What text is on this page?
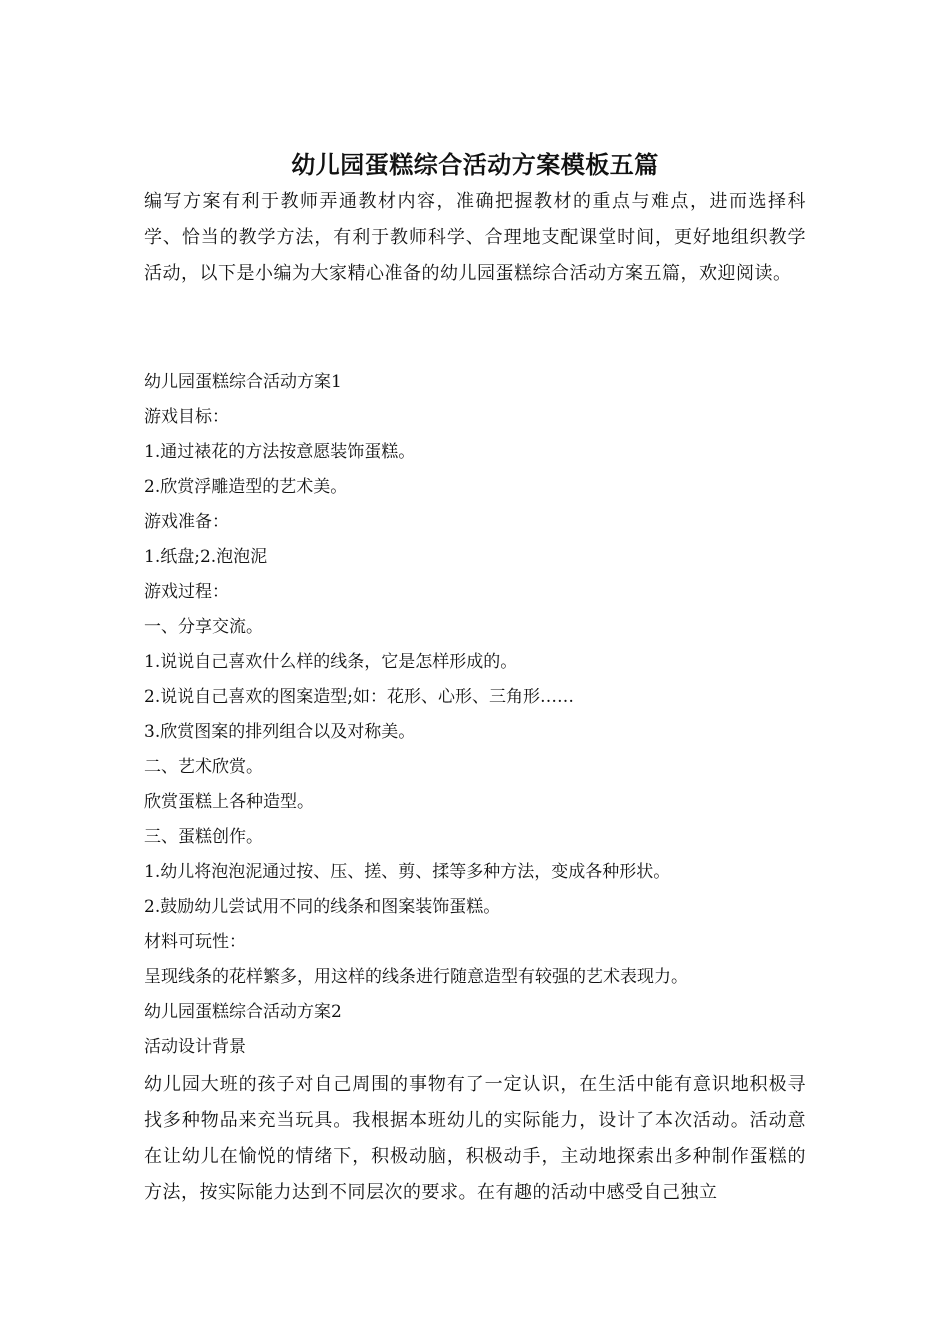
幼儿园蛋糕综合活动方案模板五篇

编写方案有利于教师弄通教材内容，准确把握教材的重点与难点，进而选择科学、恰当的教学方法，有利于教师科学、合理地支配课堂时间，更好地组织教学活动，以下是小编为大家精心准备的幼儿园蛋糕综合活动方案五篇，欢迎阅读。

幼儿园蛋糕综合活动方案1
游戏目标：
1.通过裱花的方法按意愿装饰蛋糕。
2.欣赏浮雕造型的艺术美。
游戏准备：
1.纸盘;2.泡泡泥
游戏过程：
一、分享交流。
1.说说自己喜欢什么样的线条，它是怎样形成的。
2.说说自己喜欢的图案造型;如：花形、心形、三角形……
3.欣赏图案的排列组合以及对称美。
二、艺术欣赏。
欣赏蛋糕上各种造型。
三、蛋糕创作。
1.幼儿将泡泡泥通过按、压、搓、剪、揉等多种方法，变成各种形状。
2.鼓励幼儿尝试用不同的线条和图案装饰蛋糕。
材料可玩性：
呈现线条的花样繁多，用这样的线条进行随意造型有较强的艺术表现力。
幼儿园蛋糕综合活动方案2
活动设计背景

幼儿园大班的孩子对自己周围的事物有了一定认识，在生活中能有意识地积极寻找多种物品来充当玩具。我根据本班幼儿的实际能力，设计了本次活动。活动意在让幼儿在愉悦的情绪下，积极动脑，积极动手，主动地探索出多种制作蛋糕的方法，按实际能力达到不同层次的要求。在有趣的活动中感受自己独立
